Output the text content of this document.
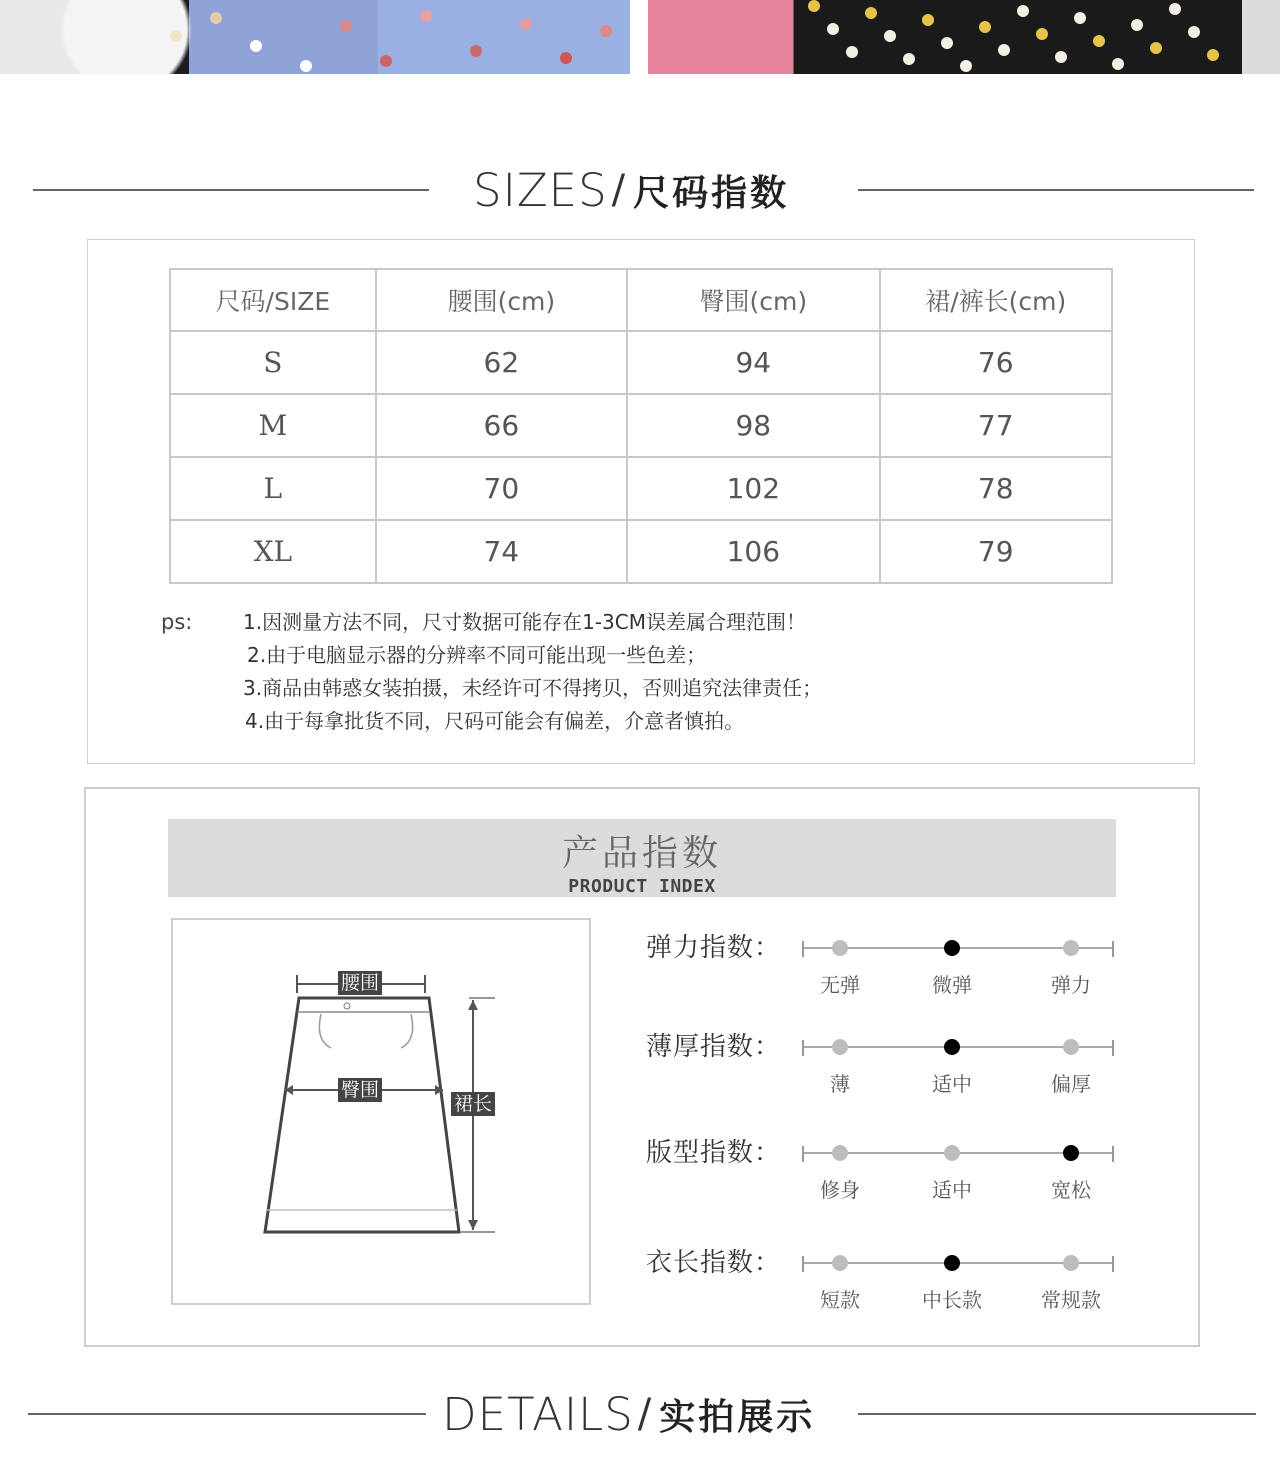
SIZES / 尺码指数
尺码/SIZE	腰围(cm)	臀围(cm)	裙/裤长(cm)
S	62	94	76
M	66	98	77
L	70	102	78
XL	74	106	79
ps:	1.因测量方法不同，尺寸数据可能存在1-3CM误差属合理范围！
2.由于电脑显示器的分辨率不同可能出现一些色差；
3.商品由韩惑女装拍摄，未经许可不得拷贝，否则追究法律责任；
4.由于每拿批货不同，尺码可能会有偏差，介意者慎拍。
产品指数
PRODUCT INDEX
腰围
臀围
裙长
弹力指数：
无弹	微弹	弹力
薄厚指数：
薄	适中	偏厚
版型指数：
修身	适中	宽松
衣长指数：
短款	中长款	常规款
DETAILS / 实拍展示
